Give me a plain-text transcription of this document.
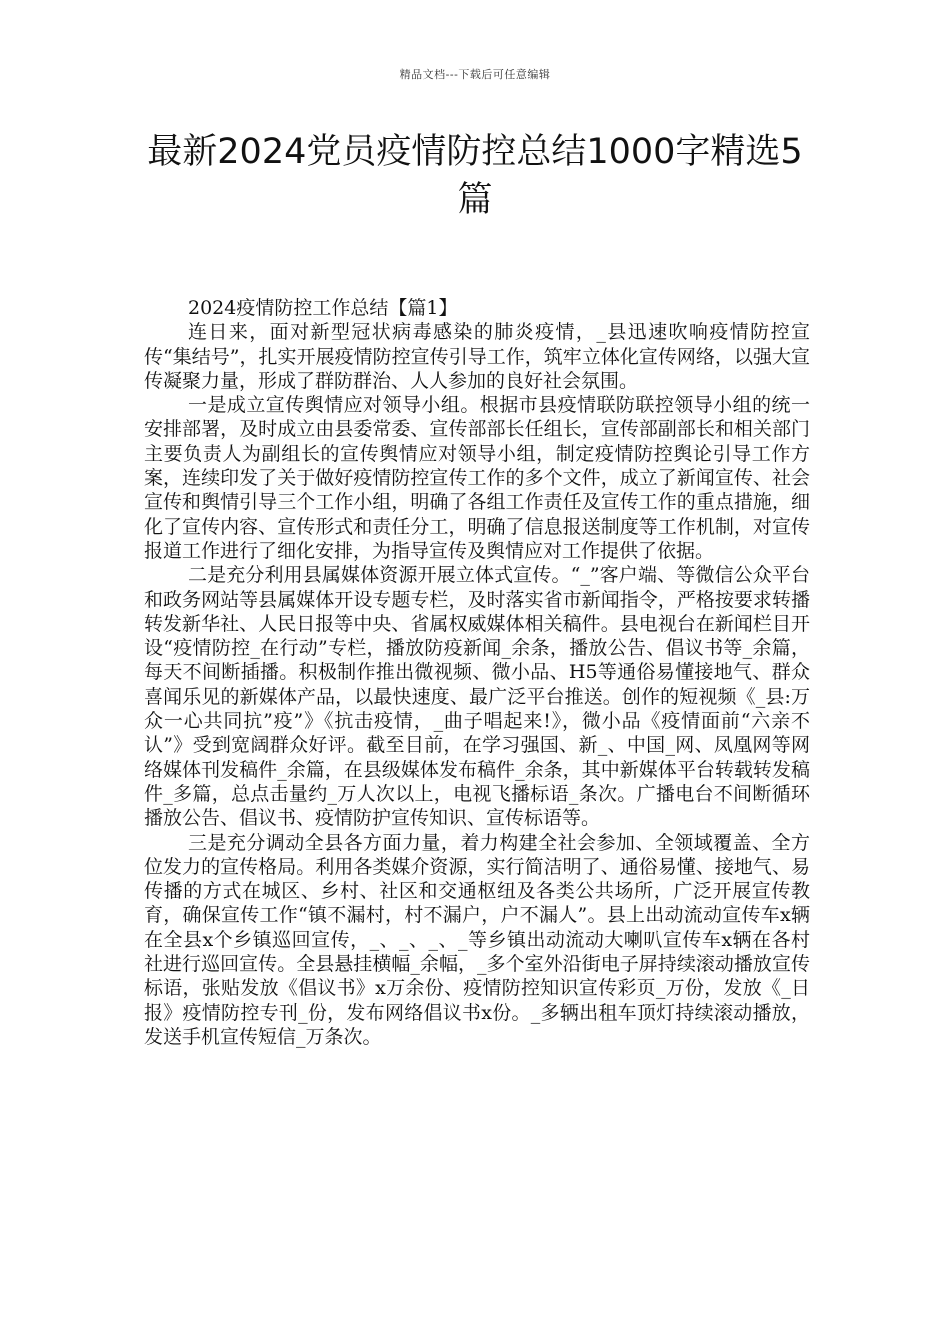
精品文档---下载后可任意编辑
最新2024党员疫情防控总结1000字精选5篇

2024疫情防控工作总结【篇1】

连日来，面对新型冠状病毒感染的肺炎疫情，_县迅速吹响疫情防控宣传“集结号”，扎实开展疫情防控宣传引导工作，筑牢立体化宣传网络，以强大宣传凝聚力量，形成了群防群治、人人参加的良好社会氛围。

一是成立宣传舆情应对领导小组。根据市县疫情联防联控领导小组的统一安排部署，及时成立由县委常委、宣传部部长任组长，宣传部副部长和相关部门主要负责人为副组长的宣传舆情应对领导小组，制定疫情防控舆论引导工作方案，连续印发了关于做好疫情防控宣传工作的多个文件，成立了新闻宣传、社会宣传和舆情引导三个工作小组，明确了各组工作责任及宣传工作的重点措施，细化了宣传内容、宣传形式和责任分工，明确了信息报送制度等工作机制，对宣传报道工作进行了细化安排，为指导宣传及舆情应对工作提供了依据。

二是充分利用县属媒体资源开展立体式宣传。“_”客户端、等微信公众平台和政务网站等县属媒体开设专题专栏，及时落实省市新闻指令，严格按要求转播转发新华社、人民日报等中央、省属权威媒体相关稿件。县电视台在新闻栏目开设“疫情防控_在行动”专栏，播放防疫新闻_余条，播放公告、倡议书等_余篇，每天不间断插播。积极制作推出微视频、微小品、H5等通俗易懂接地气、群众喜闻乐见的新媒体产品，以最快速度、最广泛平台推送。创作的短视频《_县:万众一心共同抗”疫”》《抗击疫情，_曲子唱起来!》，微小品《疫情面前“六亲不认”》受到宽阔群众好评。截至目前，在学习强国、新_、中国_网、凤凰网等网络媒体刊发稿件_余篇，在县级媒体发布稿件_余条，其中新媒体平台转载转发稿件_多篇，总点击量约_万人次以上，电视飞播标语_条次。广播电台不间断循环播放公告、倡议书、疫情防护宣传知识、宣传标语等。

三是充分调动全县各方面力量，着力构建全社会参加、全领域覆盖、全方位发力的宣传格局。利用各类媒介资源，实行简洁明了、通俗易懂、接地气、易传播的方式在城区、乡村、社区和交通枢纽及各类公共场所，广泛开展宣传教育，确保宣传工作“镇不漏村，村不漏户，户不漏人”。县上出动流动宣传车x辆在全县x个乡镇巡回宣传，_、_、_、_等乡镇出动流动大喇叭宣传车x辆在各村社进行巡回宣传。全县悬挂横幅_余幅，_多个室外沿街电子屏持续滚动播放宣传标语，张贴发放《倡议书》x万余份、疫情防控知识宣传彩页_万份，发放《_日报》疫情防控专刊_份，发布网络倡议书x份。_多辆出租车顶灯持续滚动播放，发送手机宣传短信_万条次。
